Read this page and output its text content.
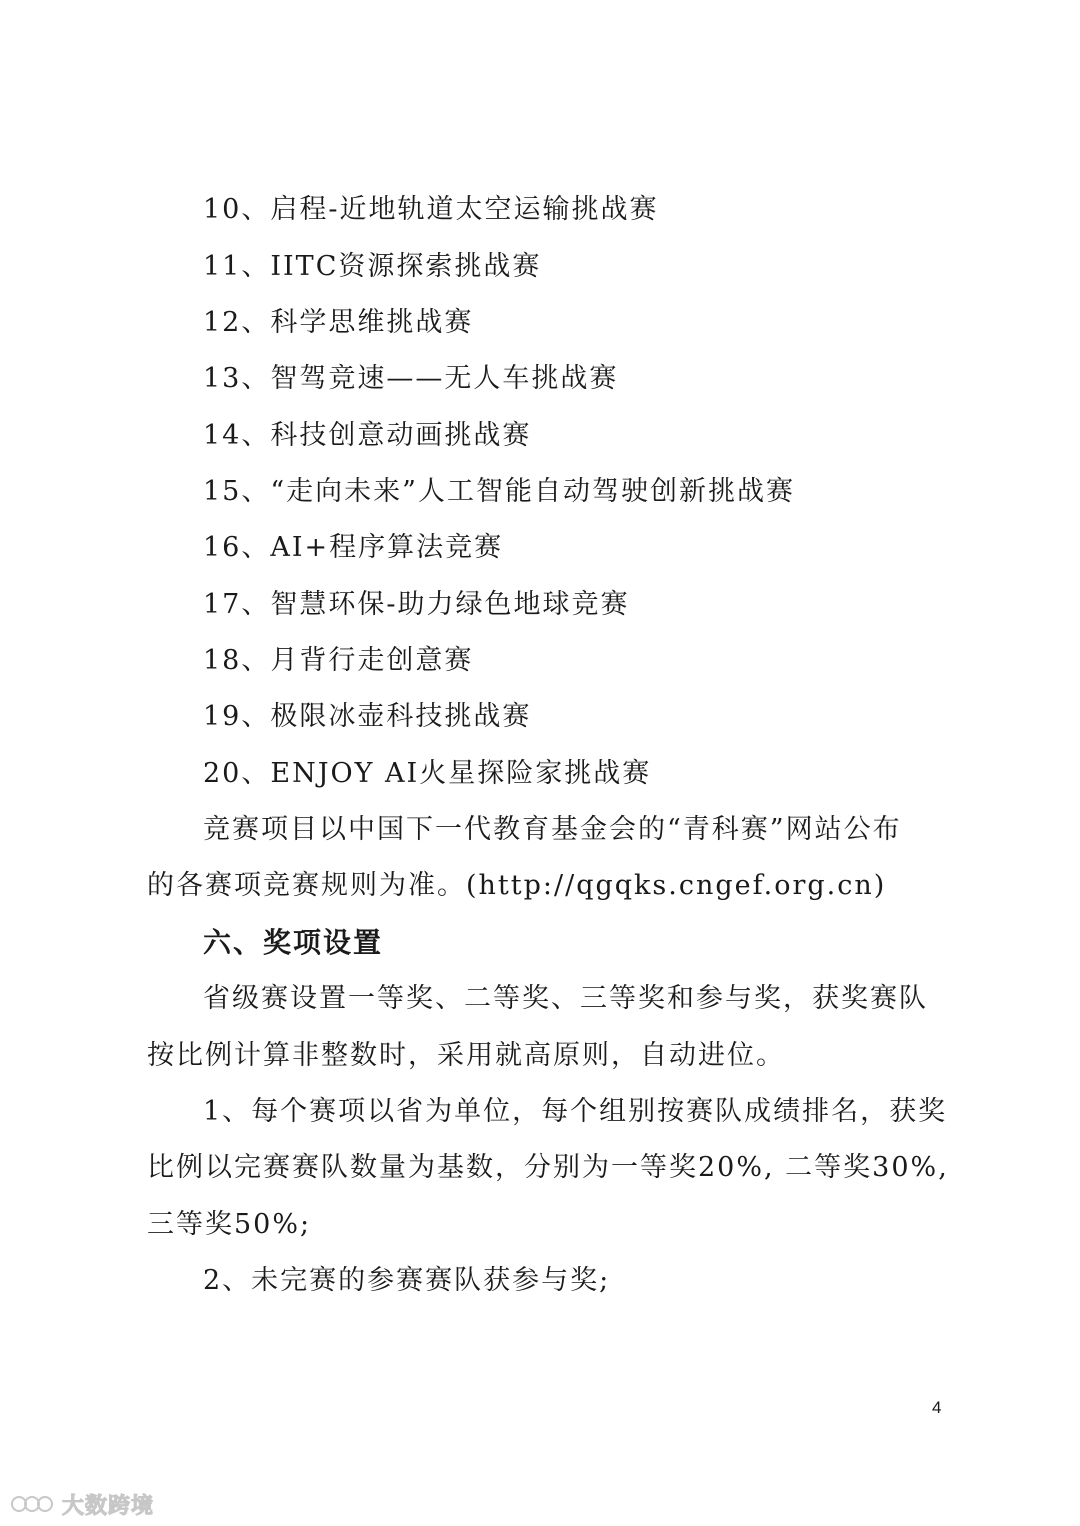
10、启程-近地轨道太空运输挑战赛
11、IITC资源探索挑战赛
12、科学思维挑战赛
13、智驾竞速——无人车挑战赛
14、科技创意动画挑战赛
15、“走向未来”人工智能自动驾驶创新挑战赛
16、AI+程序算法竞赛
17、智慧环保-助力绿色地球竞赛
18、月背行走创意赛
19、极限冰壶科技挑战赛
20、ENJOY AI火星探险家挑战赛
竞赛项目以中国下一代教育基金会的“青科赛”网站公布
的各赛项竞赛规则为准。(http://qgqks.cngef.org.cn)
六、奖项设置
省级赛设置一等奖、二等奖、三等奖和参与奖，获奖赛队
按比例计算非整数时，采用就高原则，自动进位。
1、每个赛项以省为单位，每个组别按赛队成绩排名，获奖
比例以完赛赛队数量为基数，分别为一等奖20%, 二等奖30%,
三等奖50%;
2、未完赛的参赛赛队获参与奖;
4
大数跨境
